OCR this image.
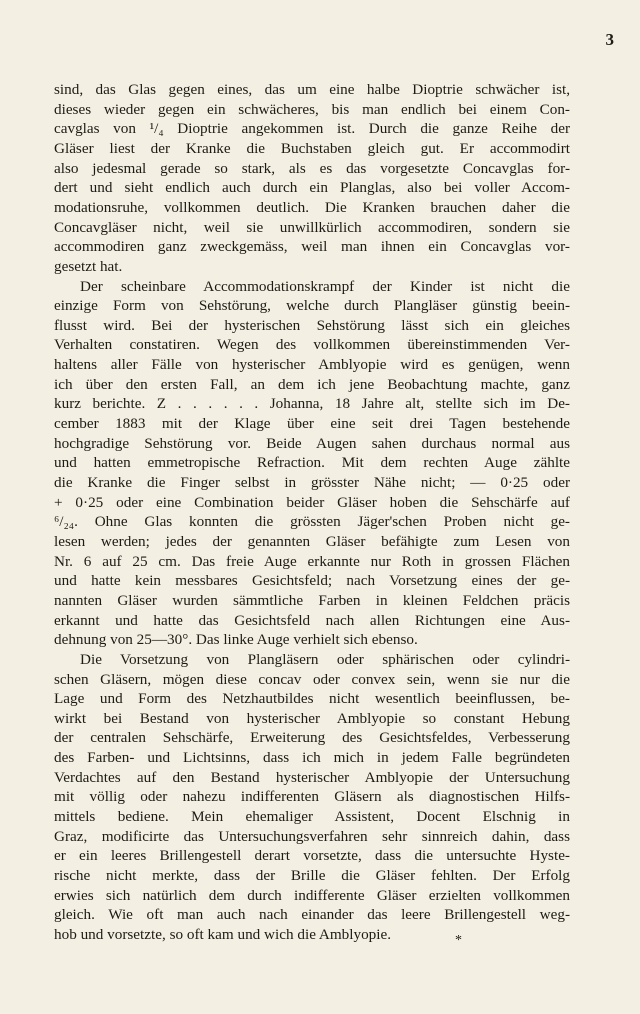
3
sind, das Glas gegen eines, das um eine halbe Dioptrie schwächer ist,
dieses wieder gegen ein schwächeres, bis man endlich bei einem Con-
cavglas von ¹/₄ Dioptrie angekommen ist. Durch die ganze Reihe der
Gläser liest der Kranke die Buchstaben gleich gut. Er accommodirt
also jedesmal gerade so stark, als es das vorgesetzte Concavglas for-
dert und sieht endlich auch durch ein Planglas, also bei voller Accom-
modationsruhe, vollkommen deutlich. Die Kranken brauchen daher die
Concavgläser nicht, weil sie unwillkürlich accommodiren, sondern sie
accommodiren ganz zweckgemäss, weil man ihnen ein Concavglas vor-
gesetzt hat.
Der scheinbare Accommodationskrampf der Kinder ist nicht die
einzige Form von Sehstörung, welche durch Plangläser günstig beein-
flusst wird. Bei der hysterischen Sehstörung lässt sich ein gleiches
Verhalten constatiren. Wegen des vollkommen übereinstimmenden Ver-
haltens aller Fälle von hysterischer Amblyopie wird es genügen, wenn
ich über den ersten Fall, an dem ich jene Beobachtung machte, ganz
kurz berichte. Z . . . . . . Johanna, 18 Jahre alt, stellte sich im De-
cember 1883 mit der Klage über eine seit drei Tagen bestehende
hochgradige Sehstörung vor. Beide Augen sahen durchaus normal aus
und hatten emmetropische Refraction. Mit dem rechten Auge zählte
die Kranke die Finger selbst in grösster Nähe nicht; — 0·25 oder
+ 0·25 oder eine Combination beider Gläser hoben die Sehschärfe auf
⁶/₂₄. Ohne Glas konnten die grössten Jäger'schen Proben nicht ge-
lesen werden; jedes der genannten Gläser befähigte zum Lesen von
Nr. 6 auf 25 cm. Das freie Auge erkannte nur Roth in grossen Flächen
und hatte kein messbares Gesichtsfeld; nach Vorsetzung eines der ge-
nannten Gläser wurden sämmtliche Farben in kleinen Feldchen präcis
erkannt und hatte das Gesichtsfeld nach allen Richtungen eine Aus-
dehnung von 25—30°. Das linke Auge verhielt sich ebenso.
Die Vorsetzung von Plangläsern oder sphärischen oder cylindri-
schen Gläsern, mögen diese concav oder convex sein, wenn sie nur die
Lage und Form des Netzhautbildes nicht wesentlich beeinflussen, be-
wirkt bei Bestand von hysterischer Amblyopie so constant Hebung
der centralen Sehschärfe, Erweiterung des Gesichtsfeldes, Verbesserung
des Farben- und Lichtsinns, dass ich mich in jedem Falle begründeten
Verdachtes auf den Bestand hysterischer Amblyopie der Untersuchung
mit völlig oder nahezu indifferenten Gläsern als diagnostischen Hilfs-
mittels bediene. Mein ehemaliger Assistent, Docent Elschnig in
Graz, modificirte das Untersuchungsverfahren sehr sinnreich dahin, dass
er ein leeres Brillengestell derart vorsetzte, dass die untersuchte Hyste-
rische nicht merkte, dass der Brille die Gläser fehlten. Der Erfolg
erwies sich natürlich dem durch indifferente Gläser erzielten vollkommen
gleich. Wie oft man auch nach einander das leere Brillengestell weg-
hob und vorsetzte, so oft kam und wich die Amblyopie.	*
